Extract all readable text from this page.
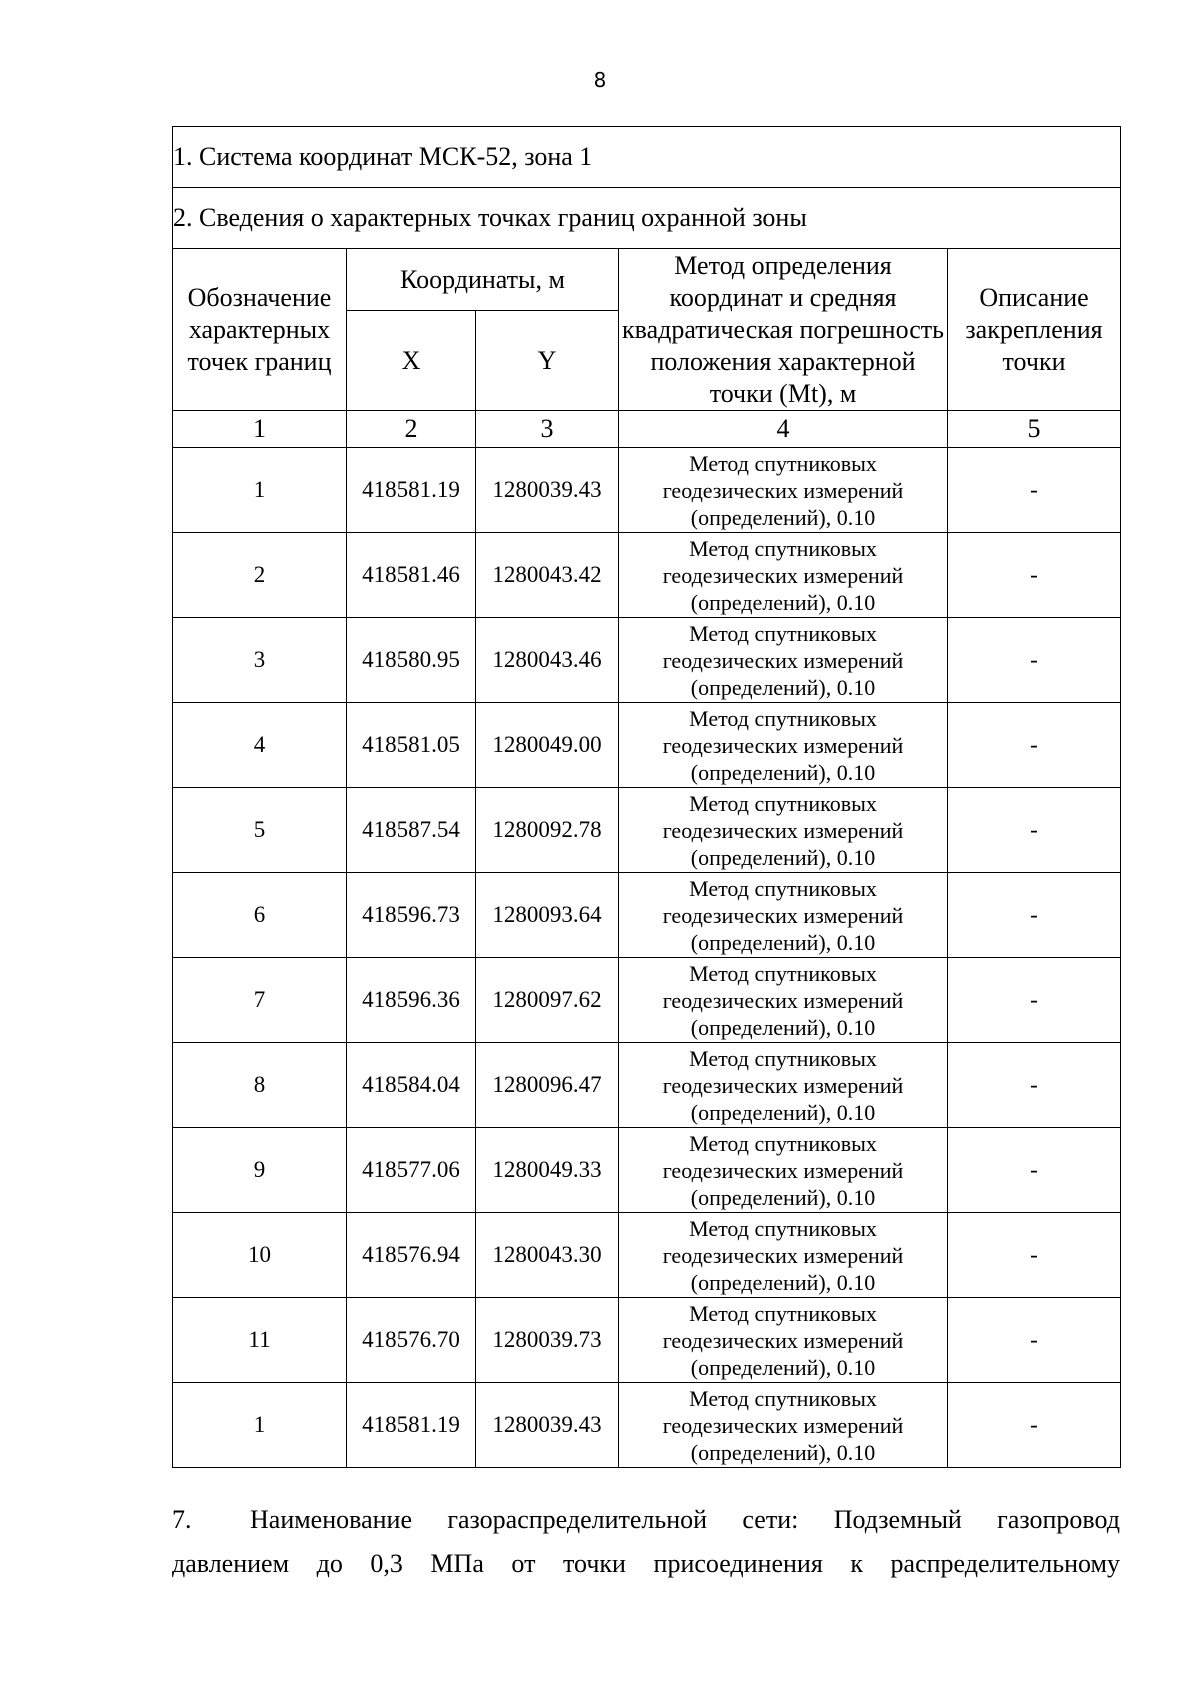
8
1. Система координат МСК-52, зона 1				
2. Сведения о характерных точках границ охранной зоны				
Обозначение характерных точек границ	Координаты, м		Метод определения координат и средняя квадратическая погрешность положения характерной точки (Mt), м	Описание закрепления точки
	X	Y		
1	2	3	4	5
1	418581.19	1280039.43	Метод спутниковых геодезических измерений (определений), 0.10	-
2	418581.46	1280043.42	Метод спутниковых геодезических измерений (определений), 0.10	-
3	418580.95	1280043.46	Метод спутниковых геодезических измерений (определений), 0.10	-
4	418581.05	1280049.00	Метод спутниковых геодезических измерений (определений), 0.10	-
5	418587.54	1280092.78	Метод спутниковых геодезических измерений (определений), 0.10	-
6	418596.73	1280093.64	Метод спутниковых геодезических измерений (определений), 0.10	-
7	418596.36	1280097.62	Метод спутниковых геодезических измерений (определений), 0.10	-
8	418584.04	1280096.47	Метод спутниковых геодезических измерений (определений), 0.10	-
9	418577.06	1280049.33	Метод спутниковых геодезических измерений (определений), 0.10	-
10	418576.94	1280043.30	Метод спутниковых геодезических измерений (определений), 0.10	-
11	418576.70	1280039.73	Метод спутниковых геодезических измерений (определений), 0.10	-
1	418581.19	1280039.43	Метод спутниковых геодезических измерений (определений), 0.10	-
7. Наименование газораспределительной сети: Подземный газопровод
давлением до 0,3 МПа от точки присоединения к распределительному
